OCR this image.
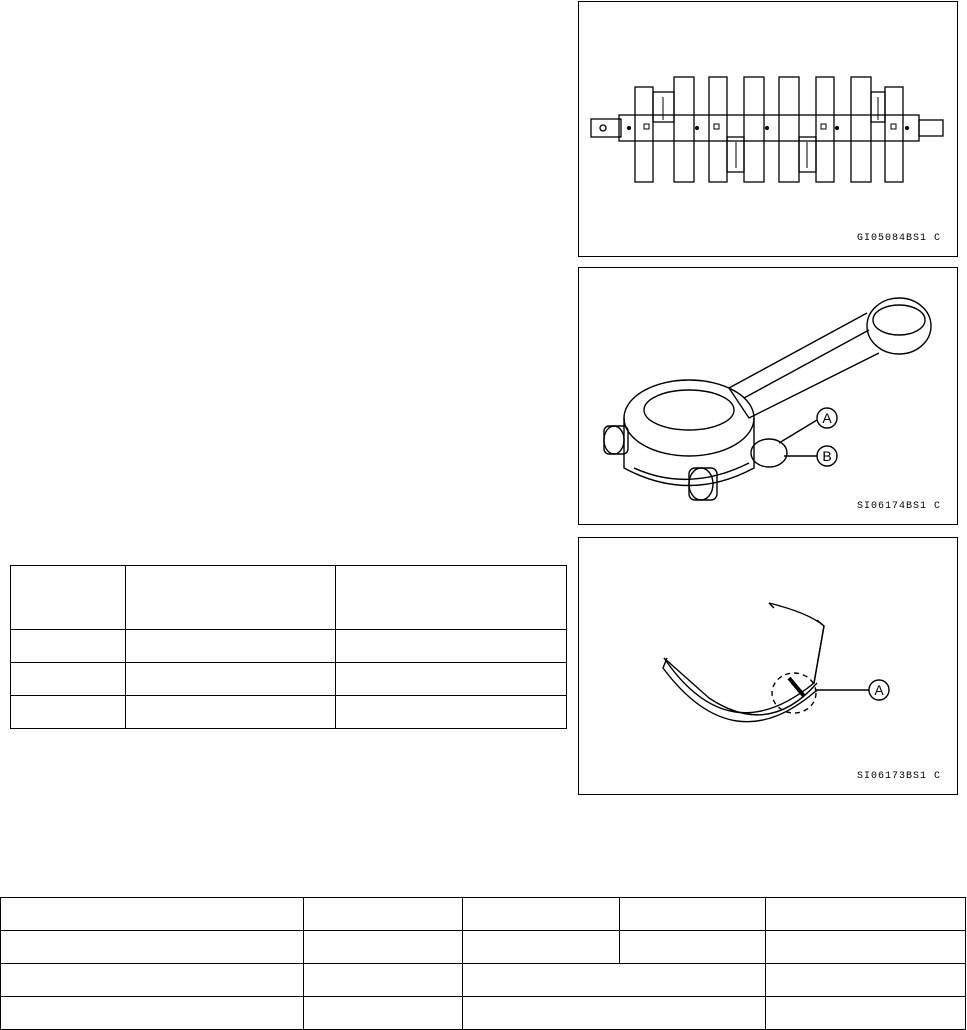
GI05084BS1 C
A
B
SI06174BS1 C
A
SI06173BS1 C
